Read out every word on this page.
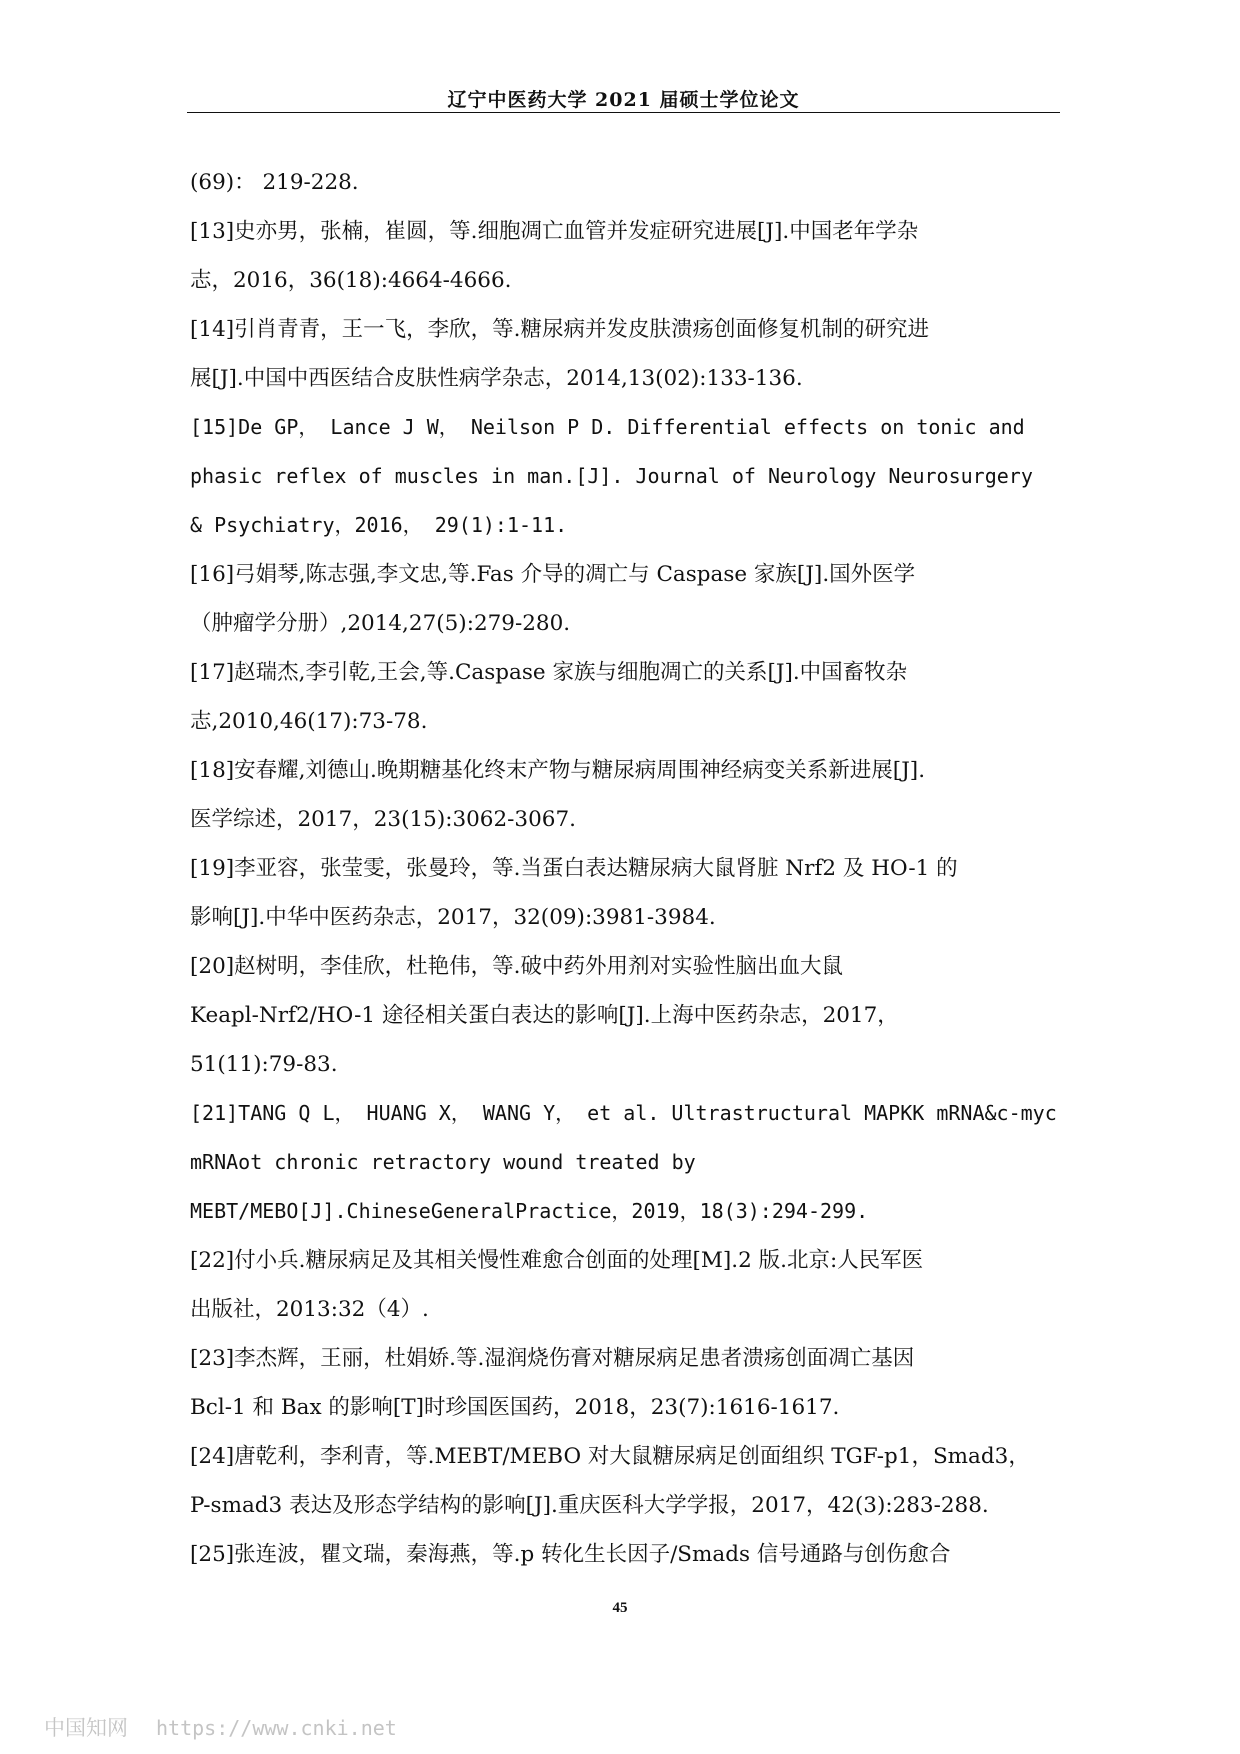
辽宁中医药大学 2021 届硕士学位论文
(69)： 219-228.
[13]史亦男，张楠，崔圆，等.细胞凋亡血管并发症研究进展[J].中国老年学杂
志，2016，36(18):4664-4666.
[14]引肖青青，王一飞，李欣，等.糖尿病并发皮肤溃疡创面修复机制的研究进
展[J].中国中西医结合皮肤性病学杂志，2014,13(02):133-136.
[15]De GP， Lance J W， Neilson P D. Differential effects on tonic and
phasic reflex of muscles in man.[J]. Journal of Neurology Neurosurgery
& Psychiatry，2016， 29(1):1-11.
[16]弓娟琴,陈志强,李文忠,等.Fas 介导的凋亡与 Caspase 家族[J].国外医学
（肿瘤学分册）,2014,27(5):279-280.
[17]赵瑞杰,李引乾,王会,等.Caspase 家族与细胞凋亡的关系[J].中国畜牧杂
志,2010,46(17):73-78.
[18]安春耀,刘德山.晚期糖基化终末产物与糖尿病周围神经病变关系新进展[J].
医学综述，2017，23(15):3062-3067.
[19]李亚容，张莹雯，张曼玲，等.当蛋白表达糖尿病大鼠肾脏 Nrf2 及 HO-1 的
影响[J].中华中医药杂志，2017，32(09):3981-3984.
[20]赵树明，李佳欣，杜艳伟，等.破中药外用剂对实验性脑出血大鼠
Keapl-Nrf2/HO-1 途径相关蛋白表达的影响[J].上海中医药杂志，2017，
51(11):79-83.
[21]TANG Q L， HUANG X， WANG Y， et al. Ultrastructural MAPKK mRNA&c-myc
mRNAot chronic retractory wound treated by
MEBT/MEBO[J].ChineseGeneralPractice，2019，18(3):294-299.
[22]付小兵.糖尿病足及其相关慢性难愈合创面的处理[M].2 版.北京:人民军医
出版社，2013:32（4）.
[23]李杰辉，王丽，杜娟娇.等.湿润烧伤膏对糖尿病足患者溃疡创面凋亡基因
Bcl-1 和 Bax 的影响[T]时珍国医国药，2018，23(7):1616-1617.
[24]唐乾利，李利青，等.MEBT/MEBO 对大鼠糖尿病足创面组织 TGF-p1，Smad3，
P-smad3 表达及形态学结构的影响[J].重庆医科大学学报，2017，42(3):283-288.
[25]张连波，瞿文瑞，秦海燕，等.p 转化生长因子/Smads 信号通路与创伤愈合
45
中国知网 https://www.cnki.net
